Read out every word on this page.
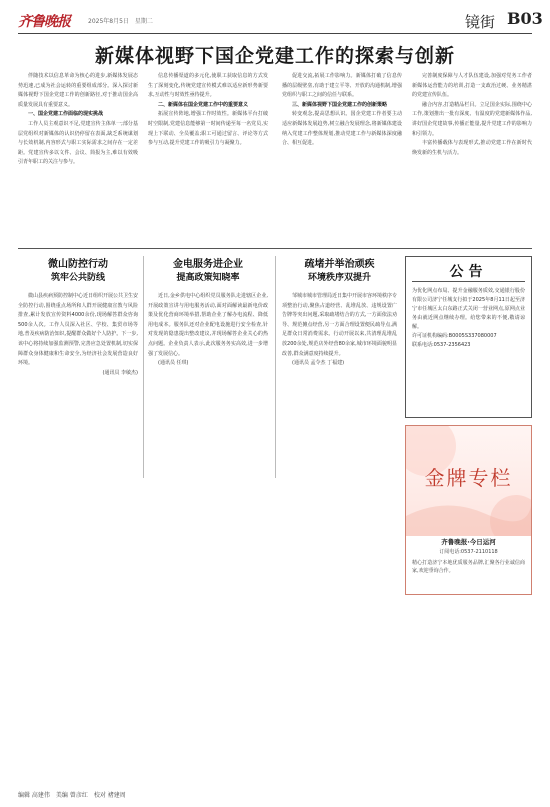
齐鲁晚报	2025年8月5日　星期二	镜街 B03
新媒体视野下国企党建工作的探索与创新

伴随技术以信息革命为核心的进步,新媒体发展态势迅速,已成为社会运转的重要组成部分。深入探讨新媒体视野下国企党建工作的创新路径,对于推动国企高质量发展具有重要意义。

一、国企党建工作面临的现实挑战

工作人员主观意识不足,党建宣传主体单一;部分基层党组织对新媒体的认识仍停留在表面,缺乏系统谋划与长效机制,内容形式与职工实际需求之间存在一定差距。党建宣传多以文件、会议、简报为主,难以有效吸引青年职工的关注与参与。

信息传播渠道的多元化,使职工获取信息的方式发生了深刻变化,传统党建宣传模式难以适应新形势新要求,互动性与时效性亟待提升。

二、新媒体在国企党建工作中的重要意义

拓展宣传阵地,增强工作时效性。新媒体平台打破时空限制,党建信息能够第一时间传递至每一名党员,实现上下联动、全员覆盖;职工可通过留言、评论等方式参与互动,提升党建工作的吸引力与凝聚力。

促进交流,拓展工作影响力。新媒体打破了信息传播的层级壁垒,有助于建立平等、开放的沟通机制,增强党组织与职工之间的信任与联系。

三、新媒体视野下国企党建工作的创新策略

转变观念,提高思想认识。国企党建工作者要主动适应新媒体发展趋势,树立融合发展理念,将新媒体建设纳入党建工作整体规划,推动党建工作与新媒体深度融合、相互促进。

完善制度保障与人才队伍建设,加强对党务工作者新媒体运营能力的培训,打造一支政治过硬、业务精湛的党建宣传队伍。

融合内容,打造精品栏目。立足国企实际,围绕中心工作,策划推出一批有深度、有温度的党建新媒体作品,讲好国企党建故事,传播正能量,提升党建工作的影响力和引领力。

丰富传播载体与表现形式,推动党建工作在新时代焕发新的生机与活力。

微山防控行动
筑牢公共防线

微山县疾病预防控制中心近日组织开展公共卫生安全防控行动,围绕重点场所和人群开展健康宣教与风险排查,累计发放宣传资料4000余份,现场解答群众咨询500余人次。工作人员深入社区、学校、集贸市场等地,普及疾病防治知识,提醒群众做好个人防护。下一步,该中心将持续加强监测预警,完善应急处置机制,切实保障群众身体健康和生命安全,为经济社会发展营造良好环境。

(通讯员 李敏杰)

金电服务进企业
提高政策知晓率

近日,金乡供电中心组织党员服务队走进辖区企业,开展政策宣讲与用电服务活动,面对面解读最新电价政策及优化营商环境举措,帮助企业了解办电流程、降低用电成本。服务队还对企业配电设施进行安全检查,针对发现的隐患提出整改建议,并现场解答企业关心的热点问题。企业负责人表示,此次服务务实高效,进一步增强了发展信心。

(通讯员 任琪)

疏堵并举治顽疾
环境秩序双提升

邹城市城市管理局近日集中开展市容环境秩序专项整治行动,聚焦占道经营、乱堆乱放、违规设置广告牌等突出问题,采取疏堵结合的方式,一方面依法劝导、规范摊点经营,另一方面合理设置便民疏导点,满足群众日常消费需求。行动开展以来,共清理乱堆乱放200余处,规范店外经营80余家,城市环境面貌明显改善,群众满意度持续提升。

(通讯员 孟令杰 丁福建)

公告

为优化网点布局、提升金融服务质效,交通银行股份有限公司济宁任城支行拟于2025年8月11日起至济宁市任城区太白东路正式关闭一营业网点,原网点业务由就近网点继续办理。给您带来的不便,敬请谅解。

许可证机构编码:B0005S337080007

联系电话:0537-2356423

金牌专栏
齐鲁晚报·今日运河
订阅电话:0537-2110118
精心打造济宁本地优质服务品牌,汇聚各行业诚信商家,欢迎垂询合作。
编辑 高建伟　美编 曾彦红　校对 褚建周
